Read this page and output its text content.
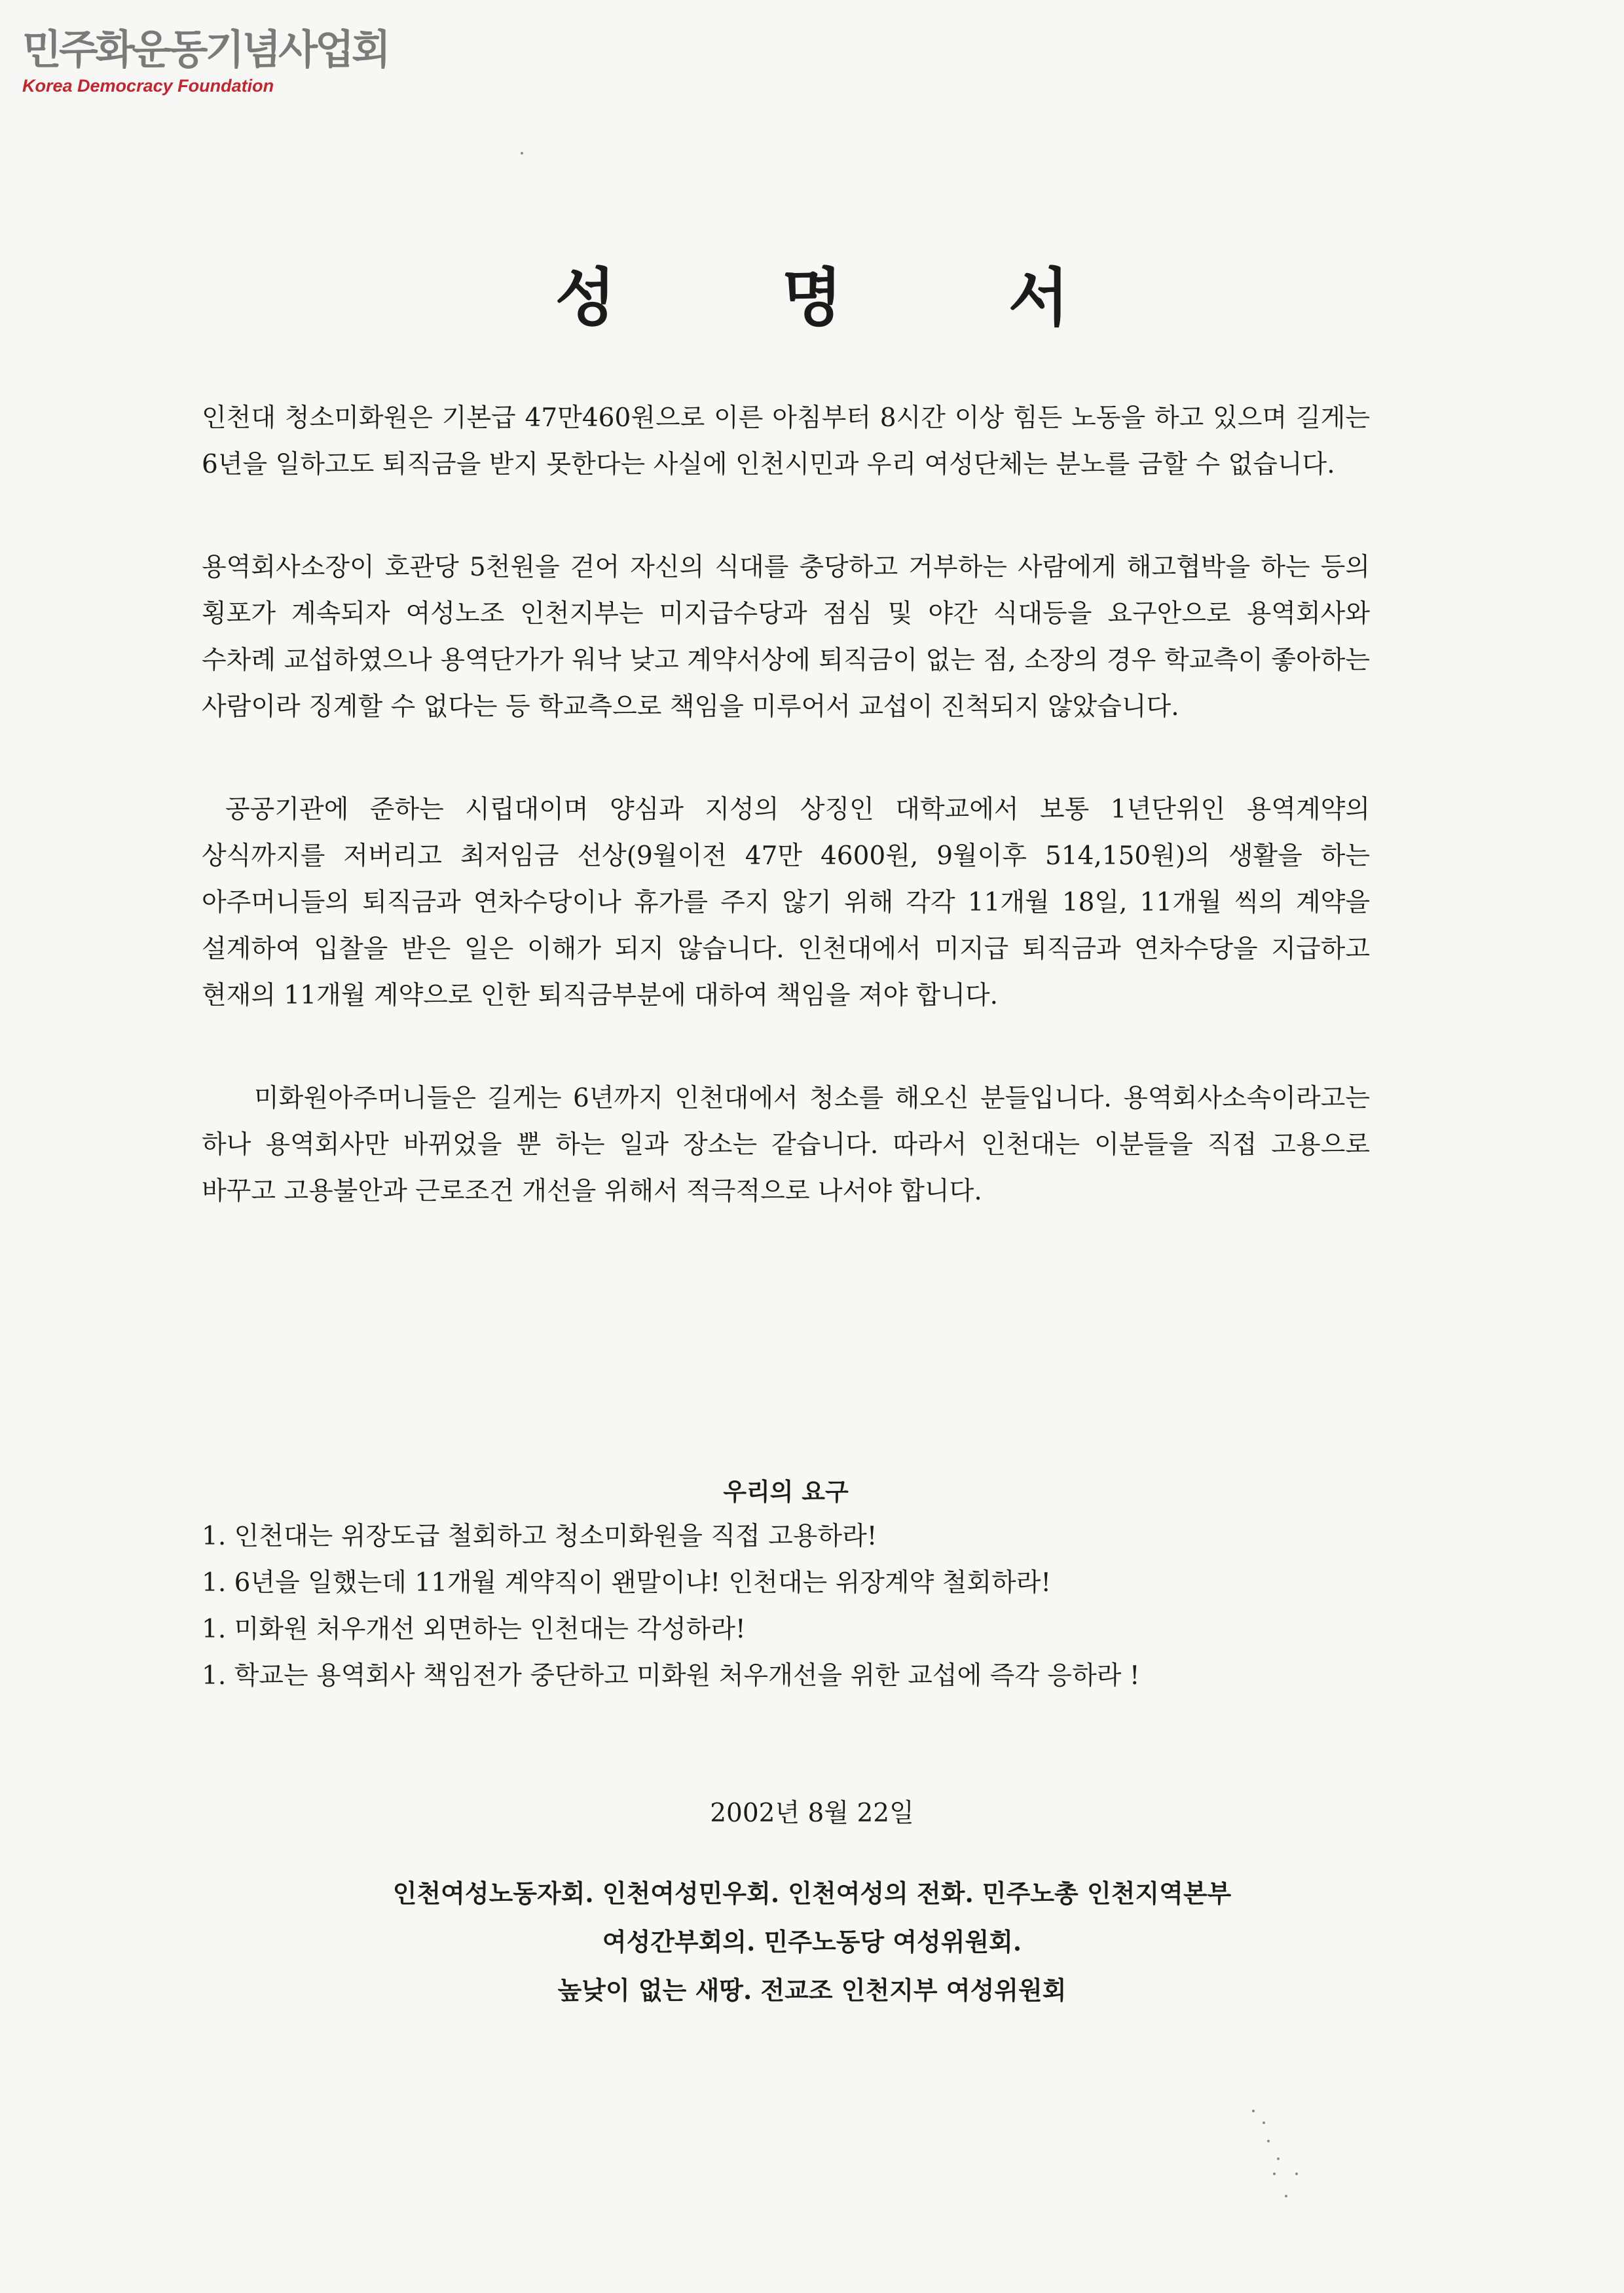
민주화운동기념사업회
Korea Democracy Foundation
성 명 서

인천대 청소미화원은 기본급 47만460원으로 이른 아침부터 8시간 이상 힘든 노동을 하고 있으며 길게는 6년을 일하고도 퇴직금을 받지 못한다는 사실에 인천시민과 우리 여성단체는 분노를 금할 수 없습니다.

용역회사소장이 호관당 5천원을 걷어 자신의 식대를 충당하고 거부하는 사람에게 해고협박을 하는 등의 횡포가 계속되자 여성노조 인천지부는 미지급수당과 점심 및 야간 식대등을 요구안으로 용역회사와 수차례 교섭하였으나 용역단가가 워낙 낮고 계약서상에 퇴직금이 없는 점, 소장의 경우 학교측이 좋아하는 사람이라 징계할 수 없다는 등 학교측으로 책임을 미루어서 교섭이 진척되지 않았습니다.

공공기관에 준하는 시립대이며 양심과 지성의 상징인 대학교에서 보통 1년단위인 용역계약의 상식까지를 저버리고 최저임금 선상(9월이전 47만 4600원, 9월이후 514,150원)의 생활을 하는 아주머니들의 퇴직금과 연차수당이나 휴가를 주지 않기 위해 각각 11개월 18일, 11개월 씩의 계약을 설계하여 입찰을 받은 일은 이해가 되지 않습니다. 인천대에서 미지급 퇴직금과 연차수당을 지급하고 현재의 11개월 계약으로 인한 퇴직금부분에 대하여 책임을 져야 합니다.

미화원아주머니들은 길게는 6년까지 인천대에서 청소를 해오신 분들입니다. 용역회사소속이라고는 하나 용역회사만 바뀌었을 뿐 하는 일과 장소는 같습니다. 따라서 인천대는 이분들을 직접 고용으로 바꾸고 고용불안과 근로조건 개선을 위해서 적극적으로 나서야 합니다.

우리의 요구
1. 인천대는 위장도급 철회하고 청소미화원을 직접 고용하라!
1. 6년을 일했는데 11개월 계약직이 왠말이냐! 인천대는 위장계약 철회하라!
1. 미화원 처우개선 외면하는 인천대는 각성하라!
1. 학교는 용역회사 책임전가 중단하고 미화원 처우개선을 위한 교섭에 즉각 응하라 !
2002년 8월 22일
인천여성노동자회. 인천여성민우회. 인천여성의 전화. 민주노총 인천지역본부
여성간부회의. 민주노동당 여성위원회.
높낮이 없는 새땅. 전교조 인천지부 여성위원회
